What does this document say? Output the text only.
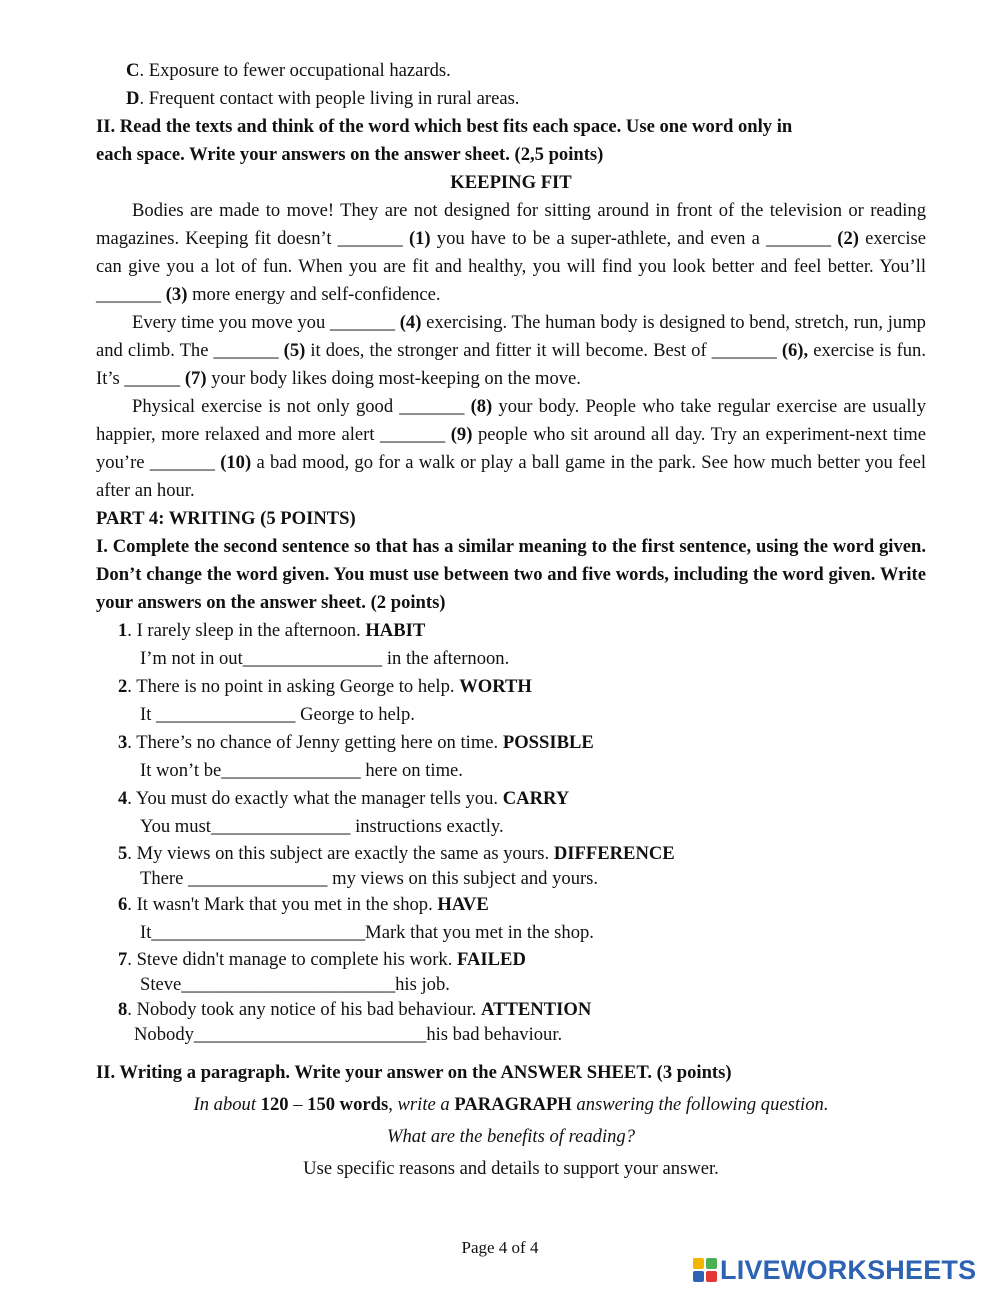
C. Exposure to fewer occupational hazards.
D. Frequent contact with people living in rural areas.
II. Read the texts and think of the word which best fits each space. Use one word only in
each space. Write your answers on the answer sheet. (2,5 points)
KEEPING FIT
Bodies are made to move! They are not designed for sitting around in front of the television or reading magazines. Keeping fit doesn’t _______ (1) you have to be a super-athlete, and even a _______ (2) exercise can give you a lot of fun. When you are fit and healthy, you will find you look better and feel better. You’ll _______ (3) more energy and self-confidence.
Every time you move you _______ (4) exercising. The human body is designed to bend, stretch, run, jump and climb. The _______ (5) it does, the stronger and fitter it will become. Best of _______ (6), exercise is fun. It’s ______ (7) your body likes doing most-keeping on the move.
Physical exercise is not only good _______ (8) your body. People who take regular exercise are usually happier, more relaxed and more alert _______ (9) people who sit around all day. Try an experiment-next time you’re _______ (10) a bad mood, go for a walk or play a ball game in the park. See how much better you feel after an hour.
PART 4: WRITING (5 POINTS)
I. Complete the second sentence so that has a similar meaning to the first sentence, using the word given. Don’t change the word given. You must use between two and five words, including the word given. Write your answers on the answer sheet. (2 points)
1. I rarely sleep in the afternoon. HABIT
I’m not in out_______________ in the afternoon.
2. There is no point in asking George to help. WORTH
It _______________ George to help.
3. There’s no chance of Jenny getting here on time. POSSIBLE
It won’t be_______________ here on time.
4. You must do exactly what the manager tells you. CARRY
You must_______________ instructions exactly.
5. My views on this subject are exactly the same as yours. DIFFERENCE
There _______________ my views on this subject and yours.
6. It wasn't Mark that you met in the shop. HAVE
It_______________________Mark that you met in the shop.
7. Steve didn't manage to complete his work. FAILED
Steve_______________________his job.
8. Nobody took any notice of his bad behaviour. ATTENTION
Nobody_________________________his bad behaviour.
II. Writing a paragraph. Write your answer on the ANSWER SHEET. (3 points)
In about 120 – 150 words, write a PARAGRAPH answering the following question.
What are the benefits of reading?
Use specific reasons and details to support your answer.
Page 4 of 4
LIVEWORKSHEETS
